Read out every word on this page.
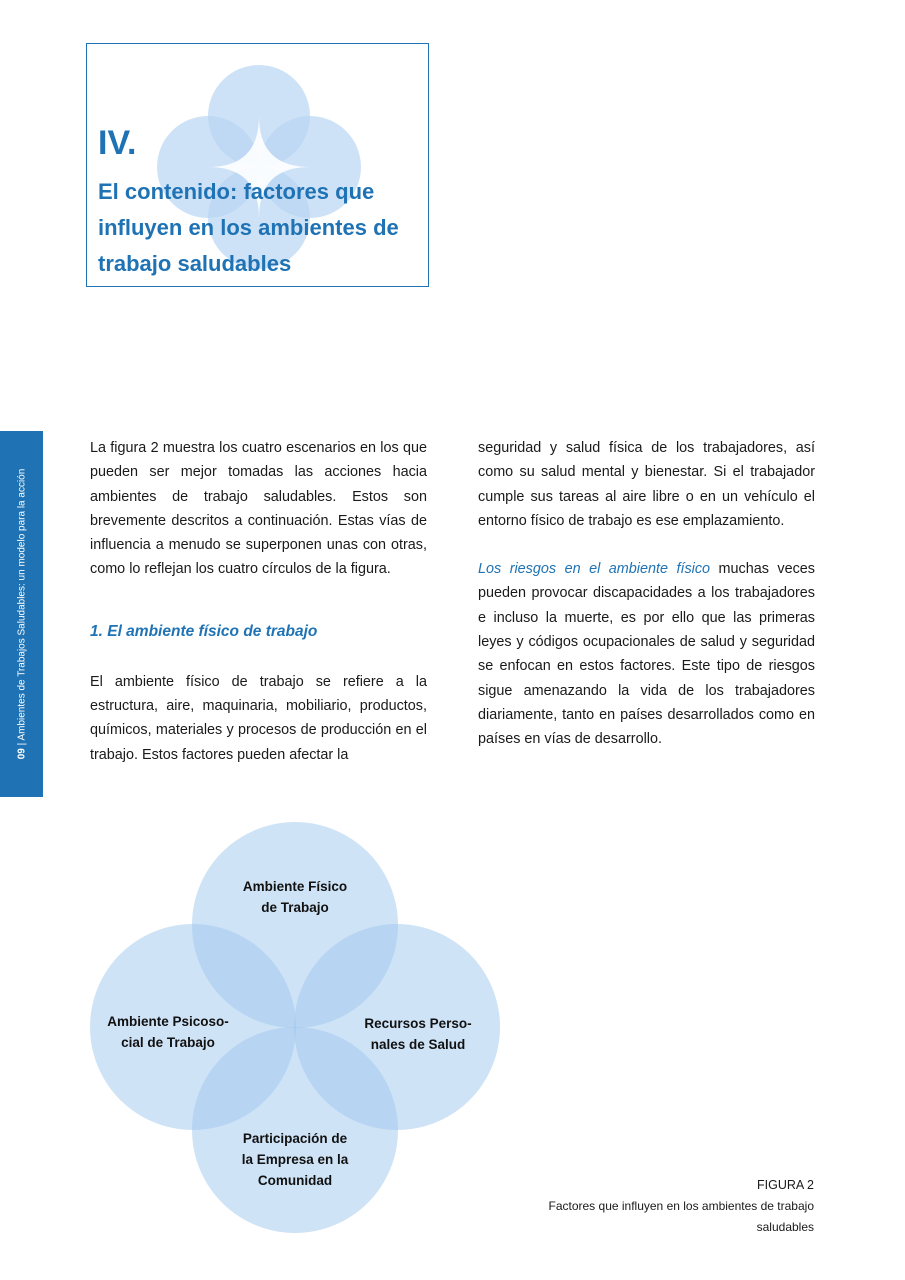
IV.
El contenido: factores que
influyen en los ambientes de
trabajo saludables
09 | Ambientes de Trabajos Saludables: un modelo para la acción

La figura 2 muestra los cuatro escenarios en los que pueden ser mejor tomadas las acciones hacia ambientes de trabajo saludables. Estos son brevemente descritos a continuación. Estas vías de influencia a menudo se superponen unas con otras, como lo reflejan los cuatro círculos de la figura.

1. El ambiente físico de trabajo

El ambiente físico de trabajo se refiere a la estructura, aire, maquinaria, mobiliario, productos, químicos, materiales y procesos de producción en el trabajo. Estos factores pueden afectar la

seguridad y salud física de los trabajadores, así como su salud mental y bienestar. Si el trabajador cumple sus tareas al aire libre o en un vehículo el entorno físico de trabajo es ese emplazamiento.

Los riesgos en el ambiente físico muchas veces pueden provocar discapacidades a los trabajadores e incluso la muerte, es por ello que las primeras leyes y códigos ocupacionales de salud y seguridad se enfocan en estos factores. Este tipo de riesgos sigue amenazando la vida de los trabajadores diariamente, tanto en países desarrollados como en países en vías de desarrollo.

Ambiente Físico
de Trabajo
Ambiente Psicoso-
cial de Trabajo
Recursos Perso-
nales de Salud
Participación de
la Empresa en la
Comunidad	FIGURA 2
Factores que influyen en los ambientes de trabajo saludables
